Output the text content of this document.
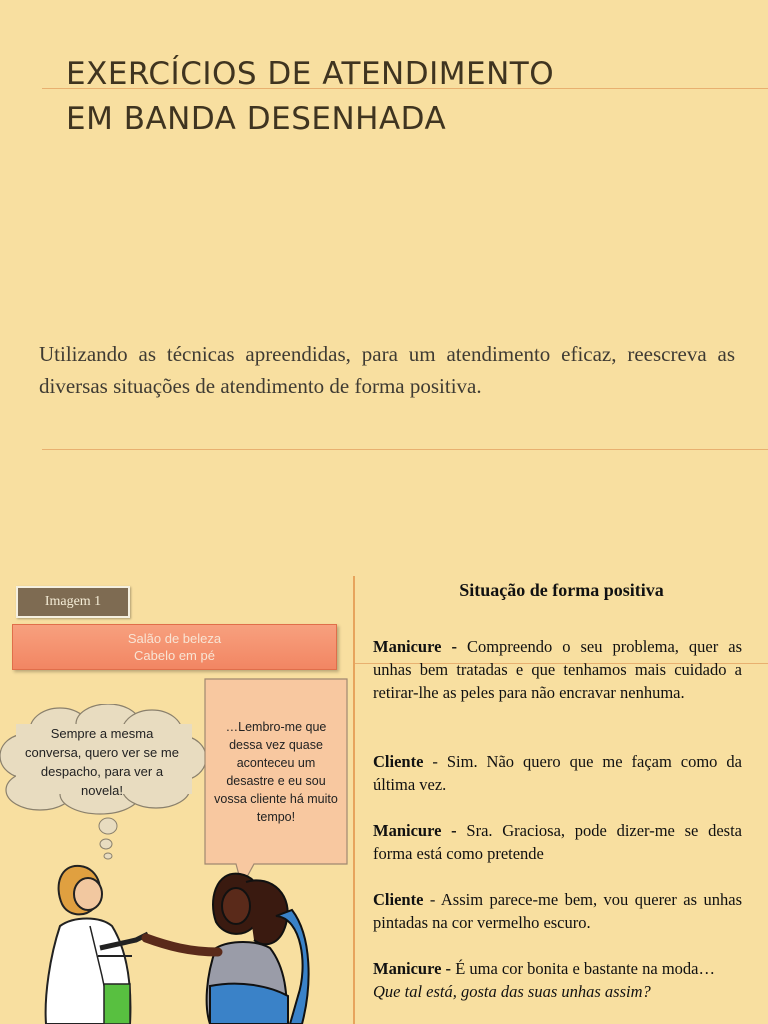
EXERCÍCIOS DE ATENDIMENTO
EM BANDA DESENHADA
Utilizando as técnicas apreendidas, para um atendimento eficaz, reescreva as diversas situações de atendimento de forma positiva.
Imagem 1
Salão de beleza
Cabelo em pé
Sempre a mesma conversa, quero ver se me despacho, para ver a novela!
…Lembro-me que dessa vez quase aconteceu um desastre e eu sou vossa cliente há muito tempo!
Situação de forma positiva
Manicure - Compreendo o seu problema, quer as unhas bem tratadas e que tenhamos mais cuidado a retirar-lhe as peles para não encravar nenhuma.
Cliente - Sim. Não quero que me façam como da última vez.
Manicure - Sra. Graciosa, pode dizer-me se desta forma está como pretende
Cliente - Assim parece-me bem, vou querer as unhas pintadas na cor vermelho escuro.
Manicure - É uma cor bonita e bastante na moda…
Que tal está, gosta das suas unhas assim?
